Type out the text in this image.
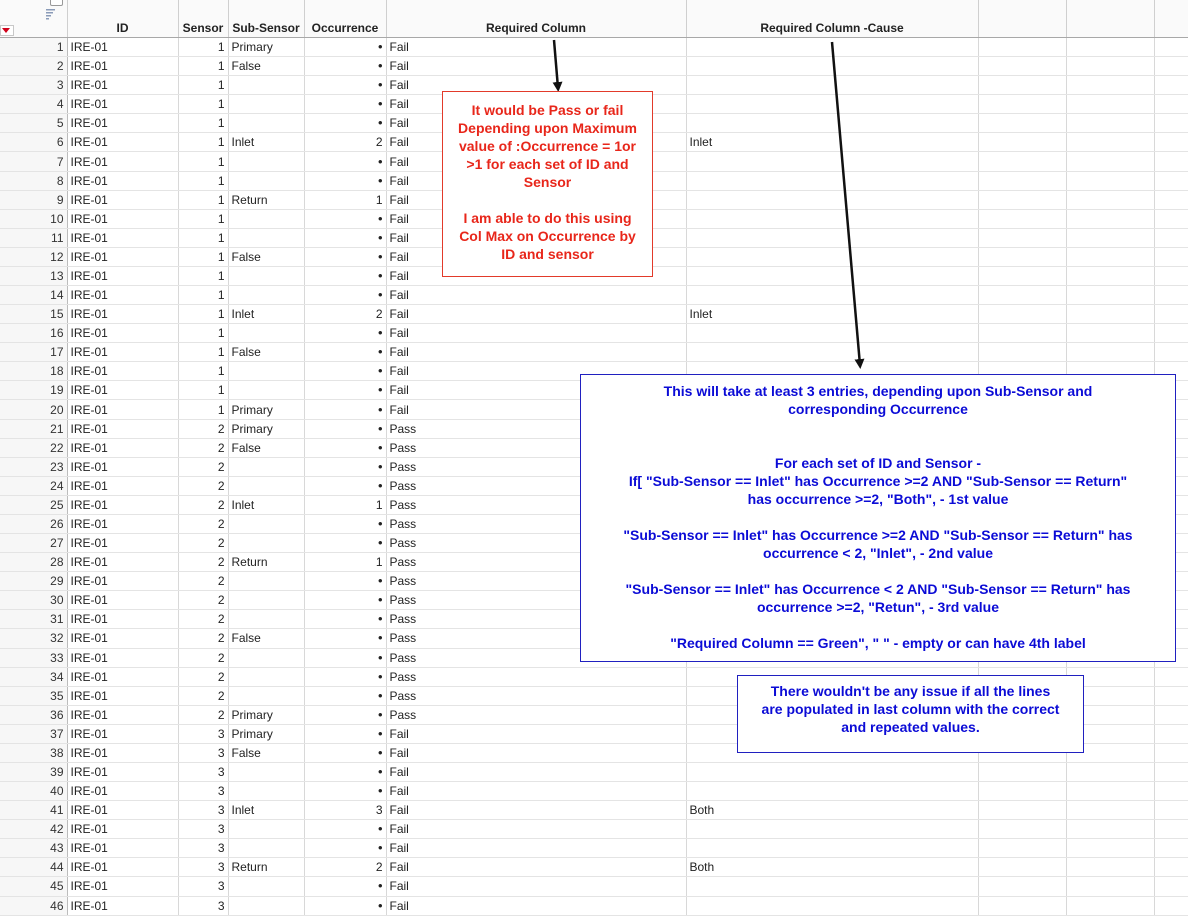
	ID	Sensor	Sub-Sensor	Occurrence	Required Column	Required Column -Cause			
1	IRE-01	1	Primary	•	Fail				
2	IRE-01	1	False	•	Fail				
3	IRE-01	1		•	Fail				
4	IRE-01	1		•	Fail				
5	IRE-01	1		•	Fail				
6	IRE-01	1	Inlet	2	Fail	Inlet			
7	IRE-01	1		•	Fail				
8	IRE-01	1		•	Fail				
9	IRE-01	1	Return	1	Fail				
10	IRE-01	1		•	Fail				
11	IRE-01	1		•	Fail				
12	IRE-01	1	False	•	Fail				
13	IRE-01	1		•	Fail				
14	IRE-01	1		•	Fail				
15	IRE-01	1	Inlet	2	Fail	Inlet			
16	IRE-01	1		•	Fail				
17	IRE-01	1	False	•	Fail				
18	IRE-01	1		•	Fail				
19	IRE-01	1		•	Fail				
20	IRE-01	1	Primary	•	Fail				
21	IRE-01	2	Primary	•	Pass				
22	IRE-01	2	False	•	Pass				
23	IRE-01	2		•	Pass				
24	IRE-01	2		•	Pass				
25	IRE-01	2	Inlet	1	Pass				
26	IRE-01	2		•	Pass				
27	IRE-01	2		•	Pass				
28	IRE-01	2	Return	1	Pass				
29	IRE-01	2		•	Pass				
30	IRE-01	2		•	Pass				
31	IRE-01	2		•	Pass				
32	IRE-01	2	False	•	Pass				
33	IRE-01	2		•	Pass				
34	IRE-01	2		•	Pass				
35	IRE-01	2		•	Pass				
36	IRE-01	2	Primary	•	Pass				
37	IRE-01	3	Primary	•	Fail				
38	IRE-01	3	False	•	Fail				
39	IRE-01	3		•	Fail				
40	IRE-01	3		•	Fail				
41	IRE-01	3	Inlet	3	Fail	Both			
42	IRE-01	3		•	Fail				
43	IRE-01	3		•	Fail				
44	IRE-01	3	Return	2	Fail	Both			
45	IRE-01	3		•	Fail				
46	IRE-01	3		•	Fail				
It would be Pass or fail
Depending upon Maximum
value of :Occurrence = 1or
>1 for each set of ID and
Sensor
I am able to do this using
Col Max on Occurrence by
ID and sensor
This will take at least 3 entries, depending upon Sub-Sensor and
corresponding Occurrence
For each set of ID and Sensor -
If[ "Sub-Sensor == Inlet" has Occurrence >=2 AND "Sub-Sensor == Return"
has occurrence >=2, "Both", - 1st value
"Sub-Sensor == Inlet" has Occurrence >=2 AND "Sub-Sensor == Return" has
occurrence < 2, "Inlet", - 2nd value
"Sub-Sensor == Inlet" has Occurrence < 2 AND "Sub-Sensor == Return" has
occurrence >=2, "Retun", - 3rd value
"Required Column == Green", " " - empty or can have 4th label
There wouldn't be any issue if all the lines
are populated in last column with the correct
and repeated values.
